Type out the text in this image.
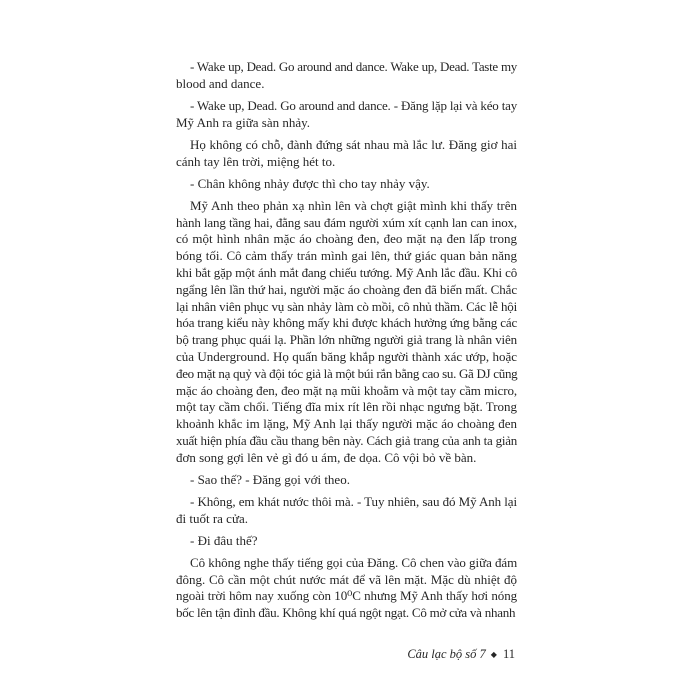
- Wake up, Dead. Go around and dance. Wake up, Dead. Taste my
blood and dance.
- Wake up, Dead. Go around and dance. - Đăng lặp lại và kéo tay
Mỹ Anh ra giữa sàn nhảy.
Họ không có chỗ, đành đứng sát nhau mà lắc lư. Đăng giơ hai
cánh tay lên trời, miệng hét to.
- Chân không nhảy được thì cho tay nhảy vậy.
Mỹ Anh theo phản xạ nhìn lên và chợt giật mình khi thấy trên
hành lang tầng hai, đằng sau đám người xúm xít cạnh lan can inox,
có một hình nhân mặc áo choàng đen, đeo mặt nạ đen lấp trong
bóng tối. Cô cảm thấy trán mình gai lên, thứ giác quan bản năng
khi bắt gặp một ánh mắt đang chiếu tướng. Mỹ Anh lắc đầu. Khi cô
ngẩng lên lần thứ hai, người mặc áo choàng đen đã biến mất. Chắc
lại nhân viên phục vụ sàn nhảy làm cò mồi, cô nhủ thầm. Các lễ hội
hóa trang kiểu này không mấy khi được khách hưởng ứng bằng các
bộ trang phục quái lạ. Phần lớn những người giả trang là nhân viên
của Underground. Họ quấn băng khắp người thành xác ướp, hoặc
đeo mặt nạ quỷ và đội tóc giả là một búi rắn bằng cao su. Gã DJ cũng
mặc áo choàng đen, đeo mặt nạ mũi khoằm và một tay cầm micro,
một tay cầm chổi. Tiếng đĩa mix rít lên rồi nhạc ngưng bặt. Trong
khoảnh khắc im lặng, Mỹ Anh lại thấy người mặc áo choàng đen
xuất hiện phía đầu cầu thang bên này. Cách giả trang của anh ta giản
đơn song gợi lên vẻ gì đó u ám, đe dọa. Cô vội bỏ về bàn.
- Sao thế? - Đăng gọi với theo.
- Không, em khát nước thôi mà. - Tuy nhiên, sau đó Mỹ Anh lại
đi tuốt ra cửa.
- Đi đâu thế?
Cô không nghe thấy tiếng gọi của Đăng. Cô chen vào giữa đám
đông. Cô cần một chút nước mát để vã lên mặt. Mặc dù nhiệt độ
ngoài trời hôm nay xuống còn 10⁰C nhưng Mỹ Anh thấy hơi nóng
bốc lên tận đỉnh đầu. Không khí quá ngột ngạt. Cô mở cửa và nhanh
Câu lạc bộ số 7 ◆ 11
